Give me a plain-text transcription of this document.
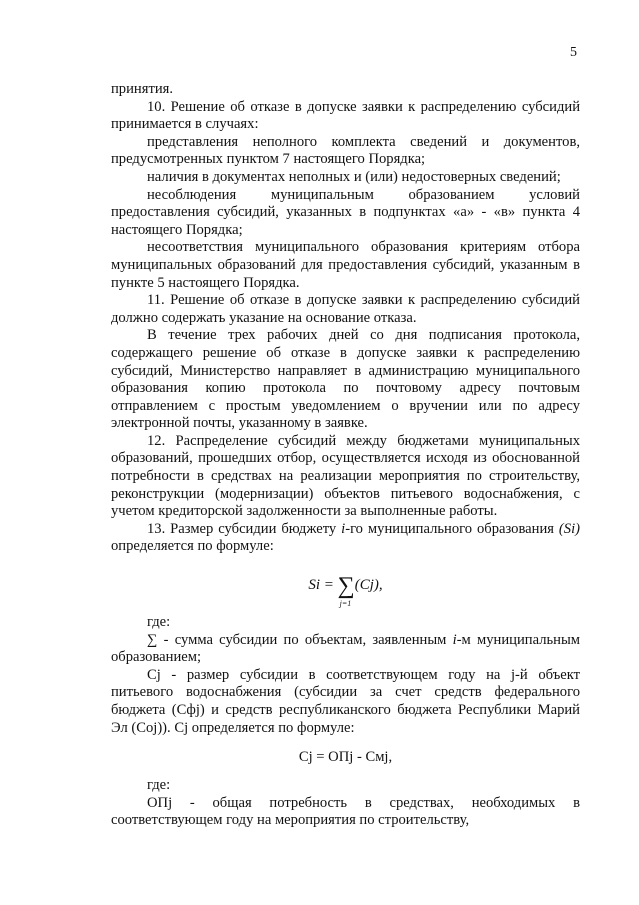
5

принятия.

10. Решение об отказе в допуске заявки к распределению субсидий принимается в случаях:

представления неполного комплекта сведений и документов, предусмотренных пунктом 7 настоящего Порядка;

наличия в документах неполных и (или) недостоверных сведений;

несоблюдения муниципальным образованием условий предоставления субсидий, указанных в подпунктах «а» - «в» пункта 4 настоящего Порядка;

несоответствия муниципального образования критериям отбора муниципальных образований для предоставления субсидий, указанным в пункте 5 настоящего Порядка.

11. Решение об отказе в допуске заявки к распределению субсидий должно содержать указание на основание отказа.

В течение трех рабочих дней со дня подписания протокола, содержащего решение об отказе в допуске заявки к распределению субсидий, Министерство направляет в администрацию муниципального образования копию протокола по почтовому адресу почтовым отправлением с простым уведомлением о вручении или по адресу электронной почты, указанному в заявке.

12. Распределение субсидий между бюджетами муниципальных образований, прошедших отбор, осуществляется исходя из обоснованной потребности в средствах на реализации мероприятия по строительству, реконструкции (модернизации) объектов питьевого водоснабжения, с учетом кредиторской задолженности за выполненные работы.

13. Размер субсидии бюджету i-го муниципального образования (Si) определяется по формуле:

Si = ∑
j=1
(Cj),

где:

∑ - сумма субсидии по объектам, заявленным i-м муниципальным образованием;

Cj - размер субсидии в соответствующем году на j-й объект питьевого водоснабжения (субсидии за счет средств федерального бюджета (Cфj) и средств республиканского бюджета Республики Марий Эл (Coj)). Cj определяется по формуле:

Cj = ОПj - Cмj,

где:

ОПj - общая потребность в средствах, необходимых в соответствующем году на мероприятия по строительству,
